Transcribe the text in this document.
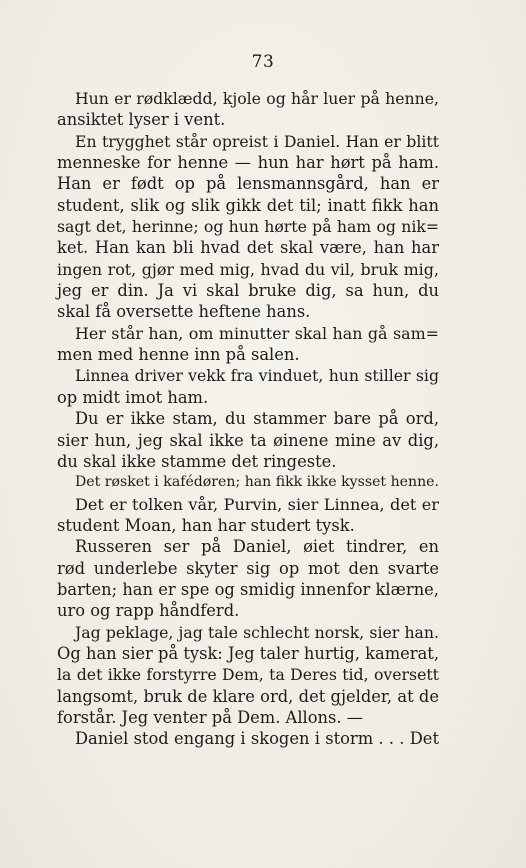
73
Hun er rødklædd, kjole og hår luer på henne,
ansiktet lyser i vent.
En trygghet står opreist i Daniel. Han er blitt
menneske for henne — hun har hørt på ham.
Han er født op på lensmannsgård, han er
student, slik og slik gikk det til; inatt fikk han
sagt det, herinne; og hun hørte på ham og nik=
ket. Han kan bli hvad det skal være, han har
ingen rot, gjør med mig, hvad du vil, bruk mig,
jeg er din. Ja vi skal bruke dig, sa hun, du
skal få oversette heftene hans.
Her står han, om minutter skal han gå sam=
men med henne inn på salen.
Linnea driver vekk fra vinduet, hun stiller sig
op midt imot ham.
Du er ikke stam, du stammer bare på ord,
sier hun, jeg skal ikke ta øinene mine av dig,
du skal ikke stamme det ringeste.
Det røsket i kafédøren; han fikk ikke kysset henne.
Det er tolken vår, Purvin, sier Linnea, det er
student Moan, han har studert tysk.
Russeren ser på Daniel, øiet tindrer, en
rød underlebe skyter sig op mot den svarte
barten; han er spe og smidig innenfor klærne,
uro og rapp håndferd.
Jag peklage, jag tale schlecht norsk, sier han.
Og han sier på tysk: Jeg taler hurtig, kamerat,
la det ikke forstyrre Dem, ta Deres tid, oversett
langsomt, bruk de klare ord, det gjelder, at de
forstår. Jeg venter på Dem. Allons. —
Daniel stod engang i skogen i storm . . . Det
